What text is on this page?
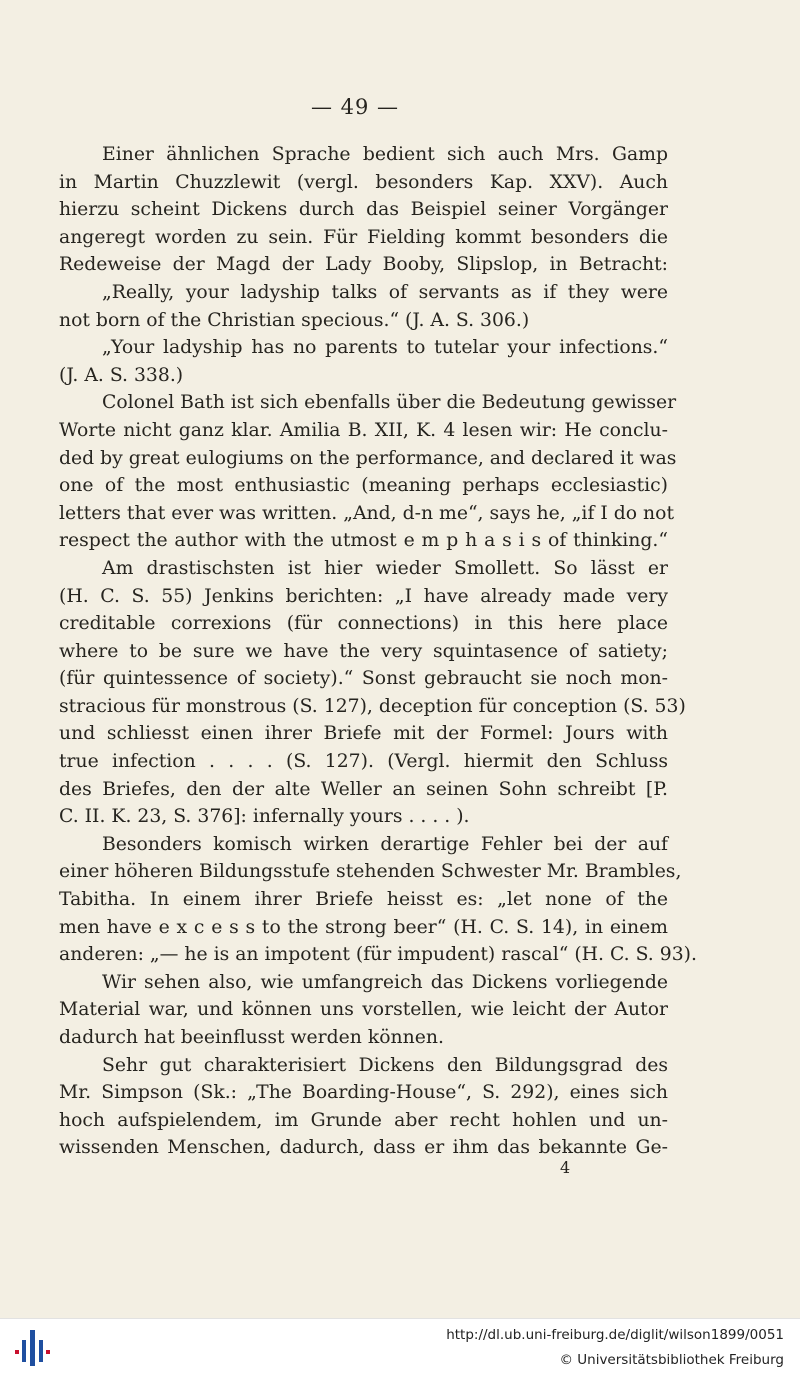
— 49 —
Einer ähnlichen Sprache bedient sich auch Mrs. Gamp
in Martin Chuzzlewit (vergl. besonders Kap. XXV). Auch
hierzu scheint Dickens durch das Beispiel seiner Vorgänger
angeregt worden zu sein. Für Fielding kommt besonders die
Redeweise der Magd der Lady Booby, Slipslop, in Betracht:
„Really, your ladyship talks of servants as if they were
not born of the Christian specious.“ (J. A. S. 306.)
„Your ladyship has no parents to tutelar your infections.“
(J. A. S. 338.)
Colonel Bath ist sich ebenfalls über die Bedeutung gewisser
Worte nicht ganz klar. Amilia B. XII, K. 4 lesen wir: He conclu-
ded by great eulogiums on the performance, and declared it was
one of the most enthusiastic (meaning perhaps ecclesiastic)
letters that ever was written. „And, d-n me“, says he, „if I do not
respect the author with the utmost e m p h a s i s of thinking.“
Am drastischsten ist hier wieder Smollett. So lässt er
(H. C. S. 55) Jenkins berichten: „I have already made very
creditable correxions (für connections) in this here place
where to be sure we have the very squintasence of satiety;
(für quintessence of society).“ Sonst gebraucht sie noch mon-
stracious für monstrous (S. 127), deception für conception (S. 53)
und schliesst einen ihrer Briefe mit der Formel: Jours with
true infection . . . . (S. 127). (Vergl. hiermit den Schluss
des Briefes, den der alte Weller an seinen Sohn schreibt [P.
C. II. K. 23, S. 376]: infernally yours . . . . ).
Besonders komisch wirken derartige Fehler bei der auf
einer höheren Bildungsstufe stehenden Schwester Mr. Brambles,
Tabitha. In einem ihrer Briefe heisst es: „let none of the
men have e x c e s s to the strong beer“ (H. C. S. 14), in einem
anderen: „— he is an impotent (für impudent) rascal“ (H. C. S. 93).
Wir sehen also, wie umfangreich das Dickens vorliegende
Material war, und können uns vorstellen, wie leicht der Autor
dadurch hat beeinflusst werden können.
Sehr gut charakterisiert Dickens den Bildungsgrad des
Mr. Simpson (Sk.: „The Boarding-House“, S. 292), eines sich
hoch aufspielendem, im Grunde aber recht hohlen und un-
wissenden Menschen, dadurch, dass er ihm das bekannte Ge-
4
http://dl.ub.uni-freiburg.de/diglit/wilson1899/0051
© Universitätsbibliothek Freiburg
